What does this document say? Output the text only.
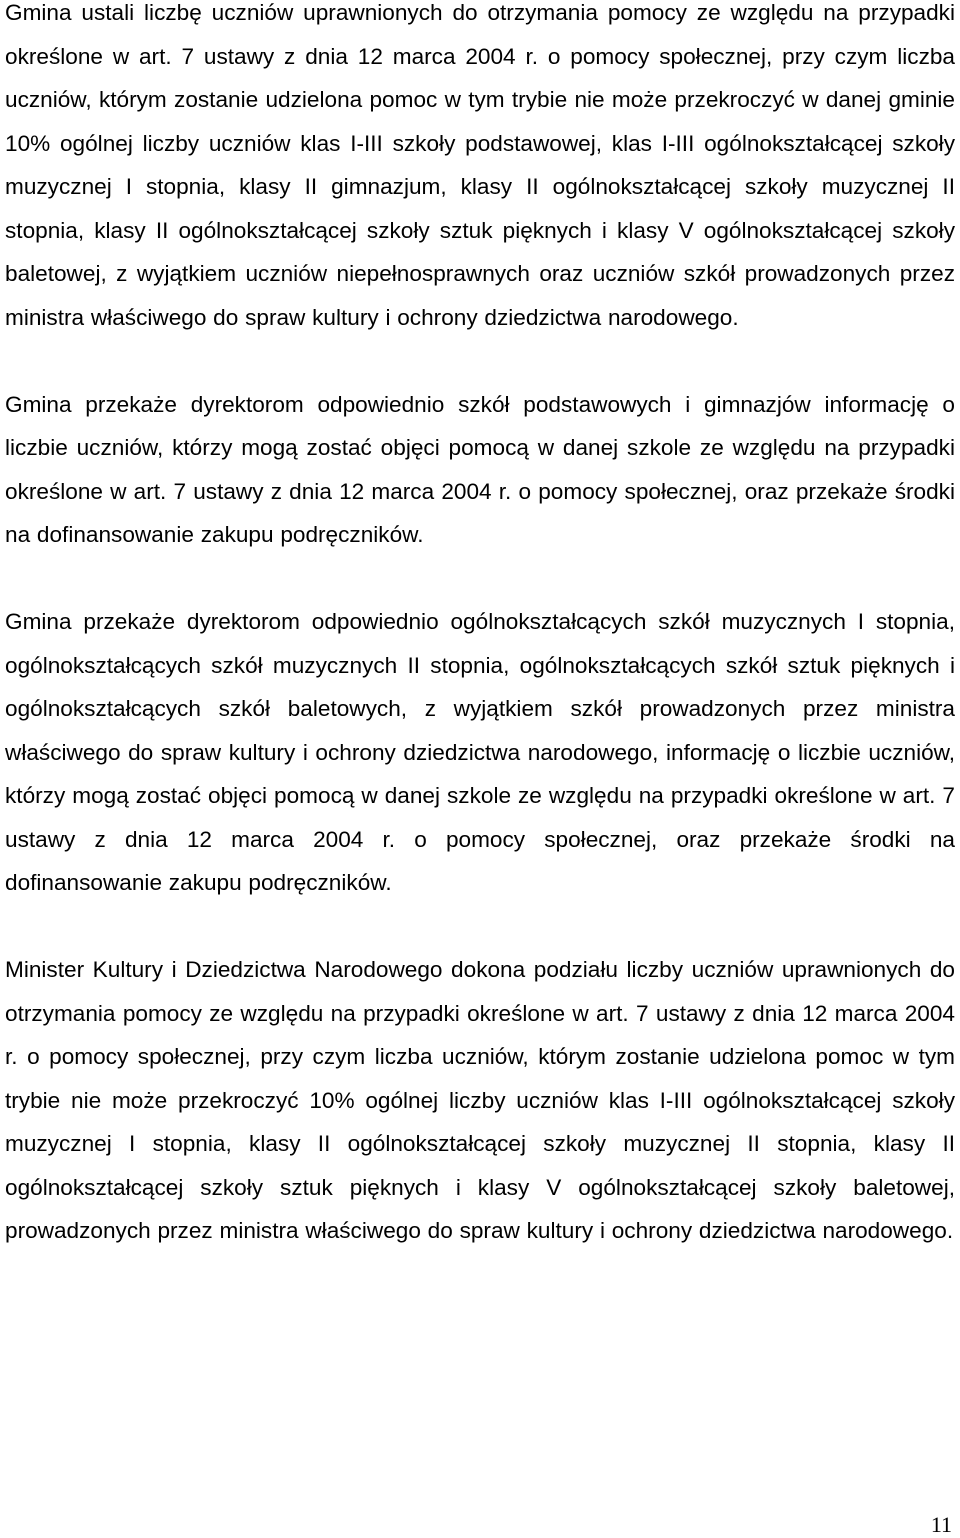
Gmina ustali liczbę uczniów uprawnionych do otrzymania pomocy ze względu na przypadki określone w art. 7 ustawy z dnia 12 marca 2004 r. o pomocy społecznej, przy czym liczba uczniów, którym zostanie udzielona pomoc w tym trybie nie może przekroczyć w danej gminie 10% ogólnej liczby uczniów klas I-III szkoły podstawowej, klas I-III ogólnokształcącej szkoły muzycznej I stopnia, klasy II gimnazjum, klasy II ogólnokształcącej szkoły muzycznej II stopnia, klasy II ogólnokształcącej szkoły sztuk pięknych i klasy V ogólnokształcącej szkoły baletowej, z wyjątkiem uczniów niepełnosprawnych oraz uczniów szkół prowadzonych przez ministra właściwego do spraw kultury i ochrony dziedzictwa narodowego.

Gmina przekaże dyrektorom odpowiednio szkół podstawowych i gimnazjów informację o liczbie uczniów, którzy mogą zostać objęci pomocą w danej szkole ze względu na przypadki określone w art. 7 ustawy z dnia 12 marca 2004 r. o pomocy społecznej, oraz przekaże środki na dofinansowanie zakupu podręczników.

Gmina przekaże dyrektorom odpowiednio ogólnokształcących szkół muzycznych I stopnia, ogólnokształcących szkół muzycznych II stopnia, ogólnokształcących szkół sztuk pięknych i ogólnokształcących szkół baletowych, z wyjątkiem szkół prowadzonych przez ministra właściwego do spraw kultury i ochrony dziedzictwa narodowego, informację o liczbie uczniów, którzy mogą zostać objęci pomocą w danej szkole ze względu na przypadki określone w art. 7 ustawy z dnia 12 marca 2004 r. o pomocy społecznej, oraz przekaże środki na dofinansowanie zakupu podręczników.

Minister Kultury i Dziedzictwa Narodowego dokona podziału liczby uczniów uprawnionych do otrzymania pomocy ze względu na przypadki określone w art. 7 ustawy z dnia 12 marca 2004 r. o pomocy społecznej, przy czym liczba uczniów, którym zostanie udzielona pomoc w tym trybie nie może przekroczyć 10% ogólnej liczby uczniów klas I-III ogólnokształcącej szkoły muzycznej I stopnia, klasy II ogólnokształcącej szkoły muzycznej II stopnia, klasy II ogólnokształcącej szkoły sztuk pięknych i klasy V ogólnokształcącej szkoły baletowej, prowadzonych przez ministra właściwego do spraw kultury i ochrony dziedzictwa narodowego.

11
